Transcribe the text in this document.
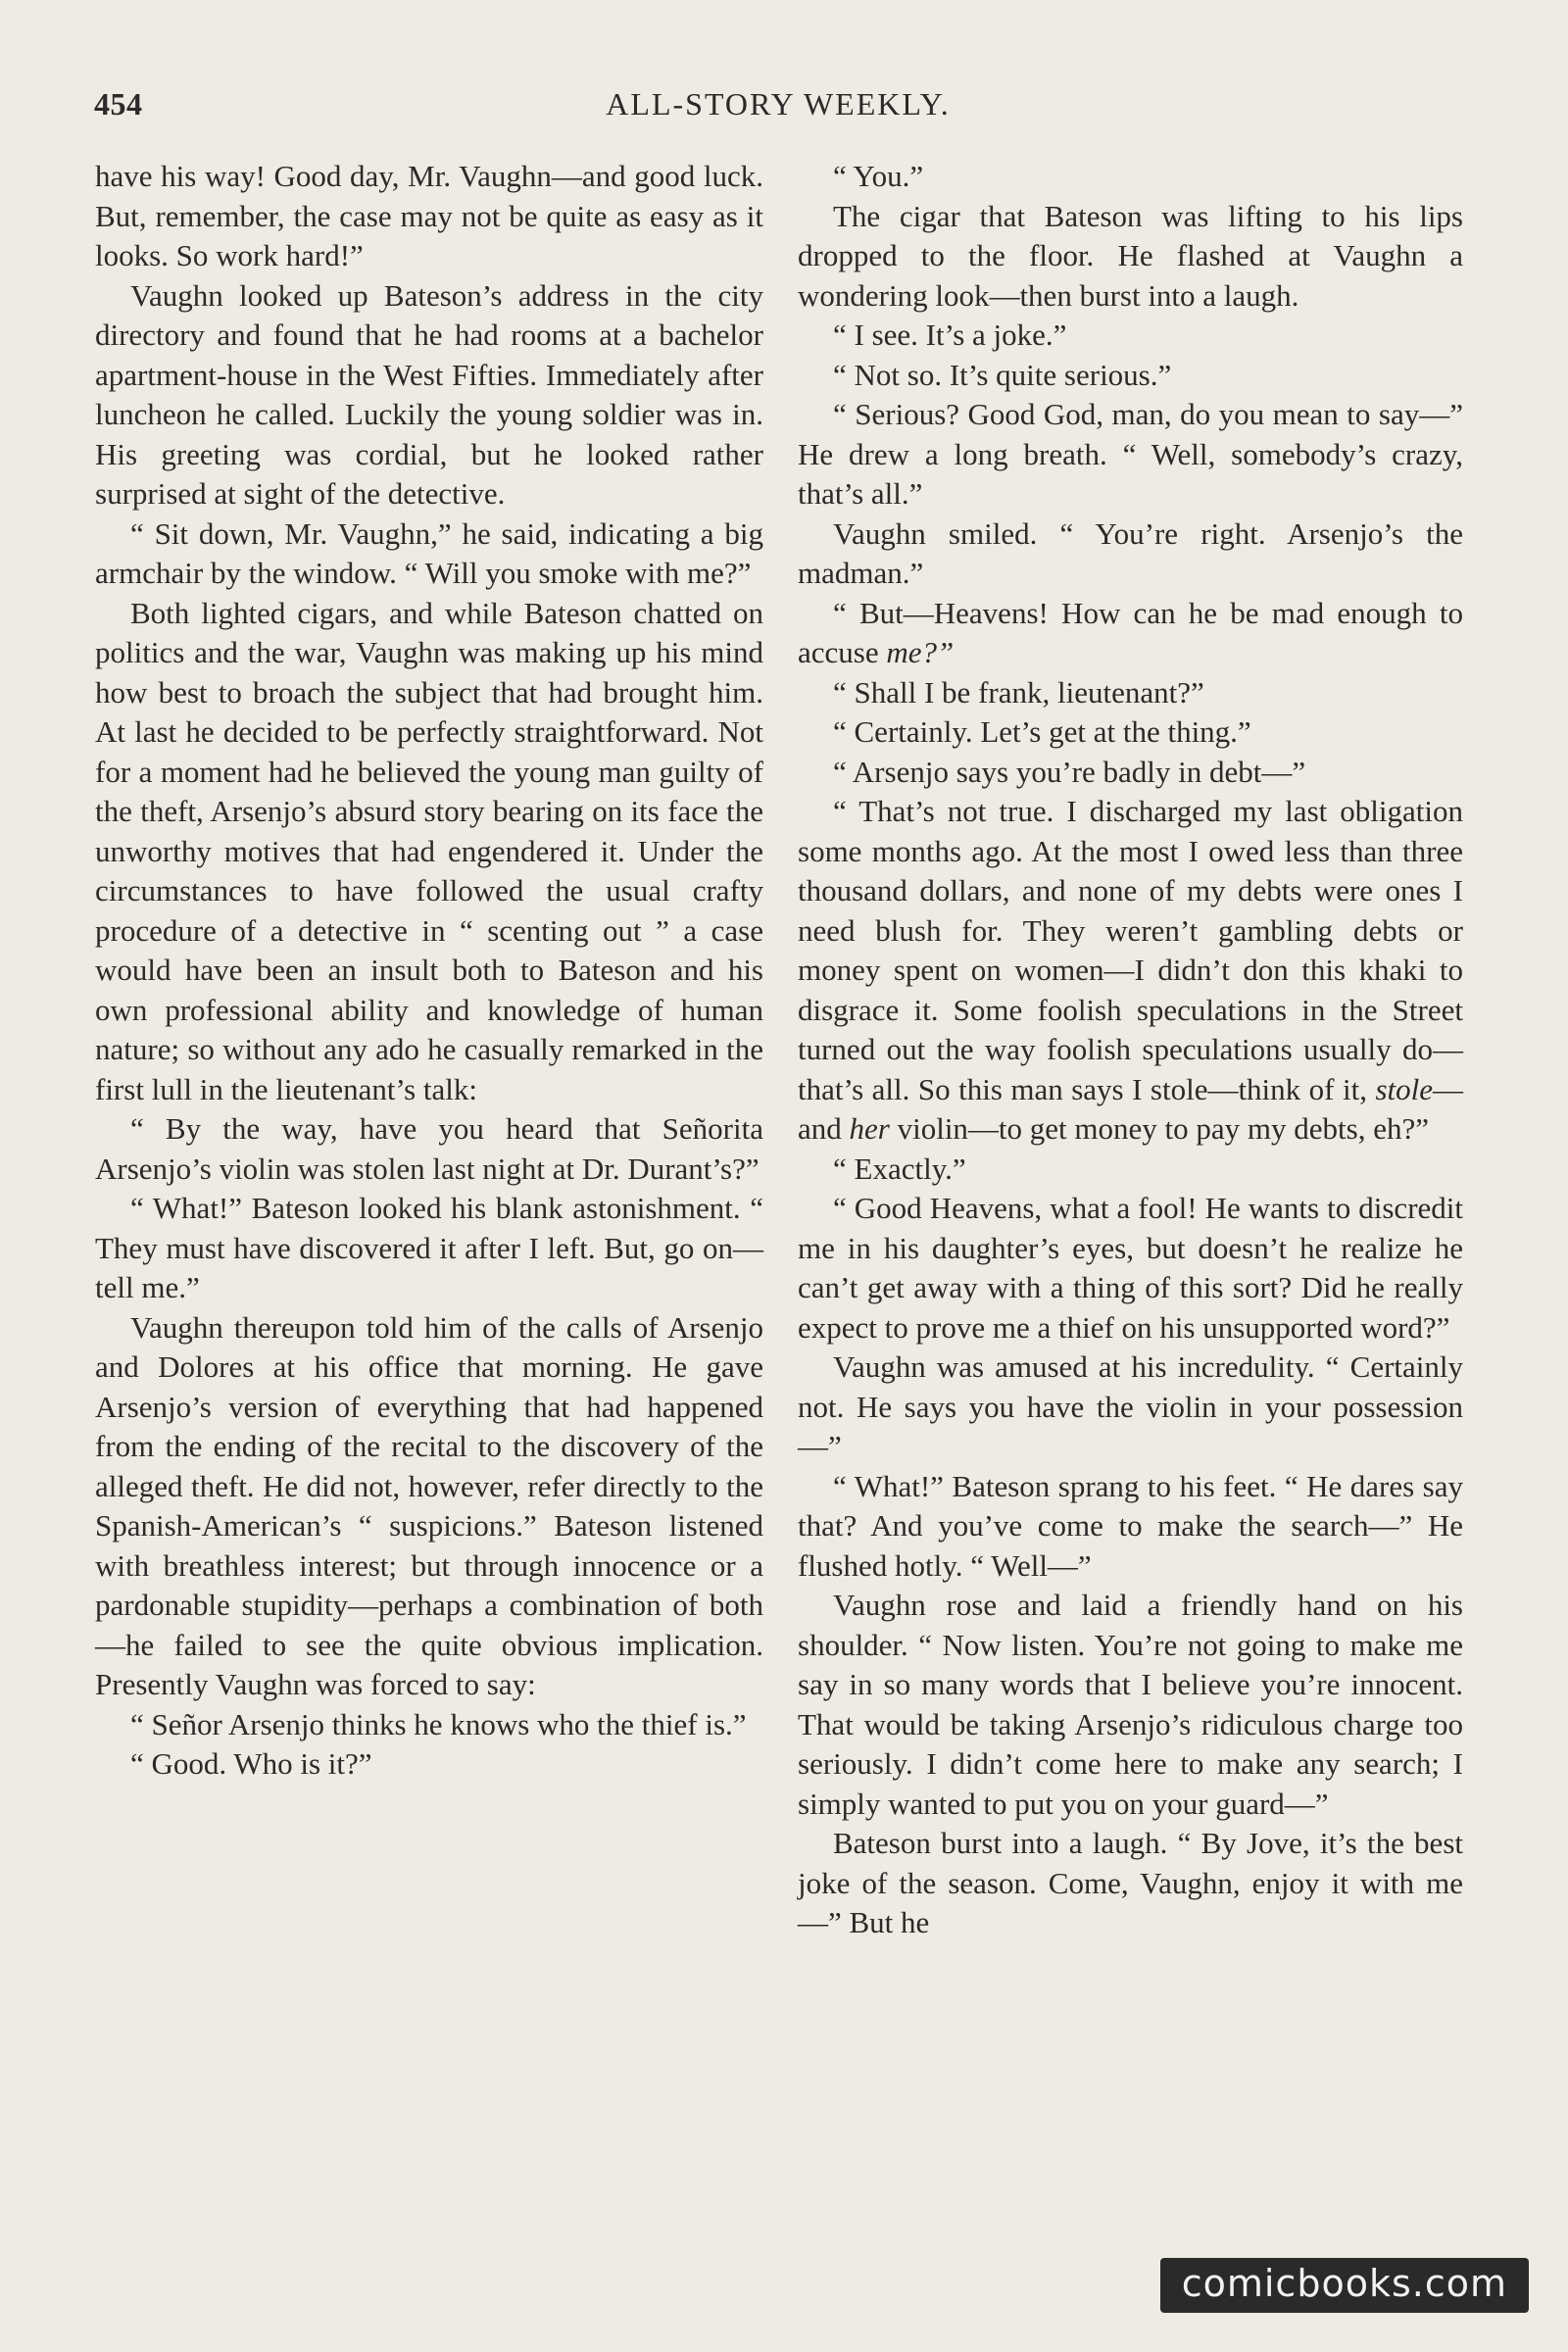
454	ALL-STORY WEEKLY.

have his way! Good day, Mr. Vaughn—and good luck. But, remember, the case may not be quite as easy as it looks. So work hard!”

Vaughn looked up Bateson’s address in the city directory and found that he had rooms at a bachelor apartment-house in the West Fifties. Immediately after luncheon he called. Luckily the young soldier was in. His greeting was cordial, but he looked rather surprised at sight of the detective.

“ Sit down, Mr. Vaughn,” he said, indicating a big armchair by the window. “ Will you smoke with me?”

Both lighted cigars, and while Bateson chatted on politics and the war, Vaughn was making up his mind how best to broach the subject that had brought him. At last he decided to be perfectly straightforward. Not for a moment had he believed the young man guilty of the theft, Arsenjo’s absurd story bearing on its face the unworthy motives that had engendered it. Under the circumstances to have followed the usual crafty procedure of a detective in “ scenting out ” a case would have been an insult both to Bateson and his own professional ability and knowledge of human nature; so without any ado he casually remarked in the first lull in the lieutenant’s talk:

“ By the way, have you heard that Señorita Arsenjo’s violin was stolen last night at Dr. Durant’s?”

“ What!” Bateson looked his blank astonishment. “ They must have discovered it after I left. But, go on—tell me.”

Vaughn thereupon told him of the calls of Arsenjo and Dolores at his office that morning. He gave Arsenjo’s version of everything that had happened from the ending of the recital to the discovery of the alleged theft. He did not, however, refer directly to the Spanish-American’s “ suspicions.” Bateson listened with breathless interest; but through innocence or a pardonable stupidity—perhaps a combination of both—he failed to see the quite obvious implication. Presently Vaughn was forced to say:

“ Señor Arsenjo thinks he knows who the thief is.”

“ Good. Who is it?”

“ You.”

The cigar that Bateson was lifting to his lips dropped to the floor. He flashed at Vaughn a wondering look—then burst into a laugh.

“ I see. It’s a joke.”

“ Not so. It’s quite serious.”

“ Serious? Good God, man, do you mean to say—” He drew a long breath. “ Well, somebody’s crazy, that’s all.”

Vaughn smiled. “ You’re right. Arsenjo’s the madman.”

“ But—Heavens! How can he be mad enough to accuse me?”

“ Shall I be frank, lieutenant?”

“ Certainly. Let’s get at the thing.”

“ Arsenjo says you’re badly in debt—”

“ That’s not true. I discharged my last obligation some months ago. At the most I owed less than three thousand dollars, and none of my debts were ones I need blush for. They weren’t gambling debts or money spent on women—I didn’t don this khaki to disgrace it. Some foolish speculations in the Street turned out the way foolish speculations usually do—that’s all. So this man says I stole—think of it, stole—and her violin—to get money to pay my debts, eh?”

“ Exactly.”

“ Good Heavens, what a fool! He wants to discredit me in his daughter’s eyes, but doesn’t he realize he can’t get away with a thing of this sort? Did he really expect to prove me a thief on his unsupported word?”

Vaughn was amused at his incredulity. “ Certainly not. He says you have the violin in your possession—”

“ What!” Bateson sprang to his feet. “ He dares say that? And you’ve come to make the search—” He flushed hotly. “ Well—”

Vaughn rose and laid a friendly hand on his shoulder. “ Now listen. You’re not going to make me say in so many words that I believe you’re innocent. That would be taking Arsenjo’s ridiculous charge too seriously. I didn’t come here to make any search; I simply wanted to put you on your guard—”

Bateson burst into a laugh. “ By Jove, it’s the best joke of the season. Come, Vaughn, enjoy it with me—” But he

comicbooks.com
